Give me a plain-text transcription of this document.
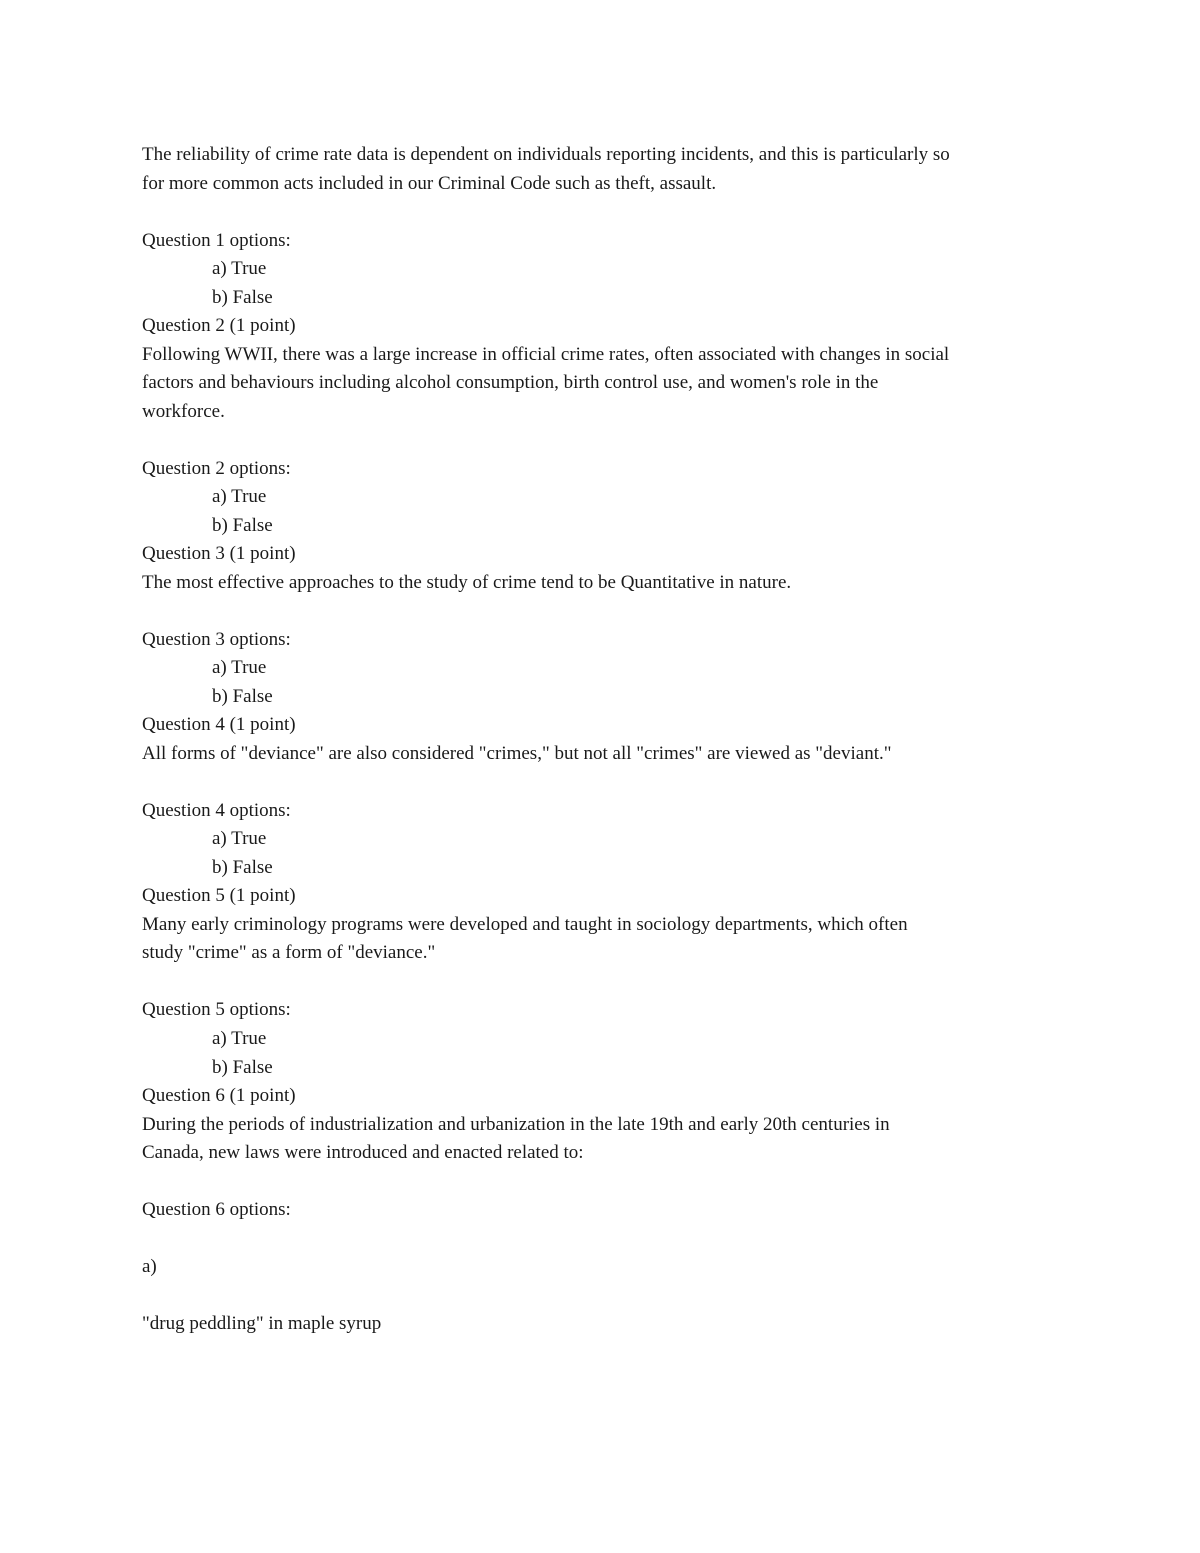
The reliability of crime rate data is dependent on individuals reporting incidents, and this is particularly so
for more common acts included in our Criminal Code such as theft, assault.
Question 1 options:
a) True
b) False
Question 2 (1 point)
Following WWII, there was a large increase in official crime rates, often associated with changes in social
factors and behaviours including alcohol consumption, birth control use, and women's role in the
workforce.
Question 2 options:
a) True
b) False
Question 3 (1 point)
The most effective approaches to the study of crime tend to be Quantitative in nature.
Question 3 options:
a) True
b) False
Question 4 (1 point)
All forms of "deviance" are also considered "crimes," but not all "crimes" are viewed as "deviant."
Question 4 options:
a) True
b) False
Question 5 (1 point)
Many early criminology programs were developed and taught in sociology departments, which often
study "crime" as a form of "deviance."
Question 5 options:
a) True
b) False
Question 6 (1 point)
During the periods of industrialization and urbanization in the late 19th and early 20th centuries in
Canada, new laws were introduced and enacted related to:
Question 6 options:
a)
"drug peddling" in maple syrup
